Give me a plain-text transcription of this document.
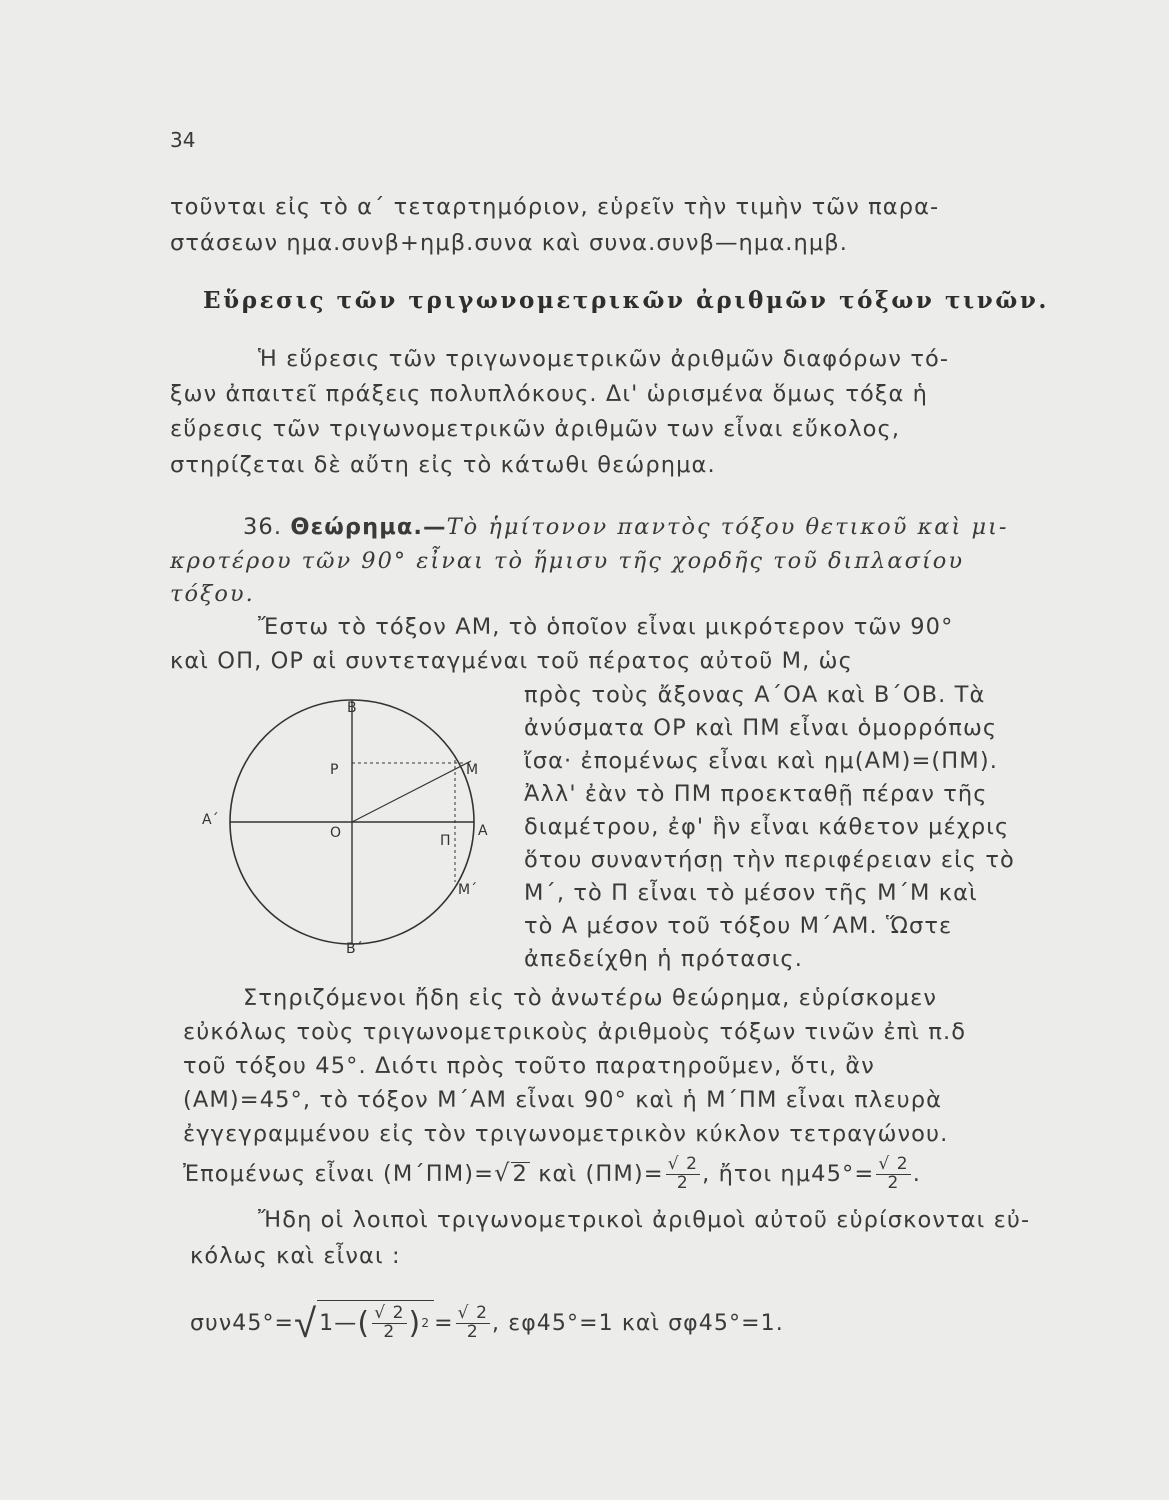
34
τοῦνται εἰς τὸ α΄ τεταρτημόριον, εὑρεῖν τὴν τιμὴν τῶν παρα-
στάσεων ημα.συνβ+ημβ.συνα καὶ συνα.συνβ—ημα.ημβ.
Εὕρεσις τῶν τριγωνομετρικῶν ἀριθμῶν τόξων τινῶν.
Ἡ εὕρεσις τῶν τριγωνομετρικῶν ἀριθμῶν διαφόρων τό-
ξων ἀπαιτεῖ πράξεις πολυπλόκους. Δι' ὡρισμένα ὅμως τόξα ἡ
εὕρεσις τῶν τριγωνομετρικῶν ἀριθμῶν των εἶναι εὔκολος,
στηρίζεται δὲ αὔτη εἰς τὸ κάτωθι θεώρημα.
36. Θεώρημα.—Τὸ ἡμίτονον παντὸς τόξου θετικοῦ καὶ μι-
κροτέρου τῶν 90° εἶναι τὸ ἥμισυ τῆς χορδῆς τοῦ διπλασίου
τόξου.
Ἔστω τὸ τόξον ΑΜ, τὸ ὁποῖον εἶναι μικρότερον τῶν 90°
καὶ ΟΠ, ΟΡ αἱ συντεταγμέναι τοῦ πέρατος αὐτοῦ Μ, ὡς
πρὸς τοὺς ἄξονας Α΄ΟΑ καὶ Β΄ΟΒ. Τὰ
ἀνύσματα ΟΡ καὶ ΠΜ εἶναι ὁμορρόπως
ἴσα· ἐπομένως εἶναι καὶ ημ(ΑΜ)=(ΠΜ).
Ἀλλ' ἐὰν τὸ ΠΜ προεκταθῇ πέραν τῆς
διαμέτρου, ἐφ' ἣν εἶναι κάθετον μέχρις
ὅτου συναντήσῃ τὴν περιφέρειαν εἰς τὸ
Μ΄, τὸ Π εἶναι τὸ μέσον τῆς Μ΄Μ καὶ
τὸ Α μέσον τοῦ τόξου Μ΄ΑΜ. Ὥστε
ἀπεδείχθη ἡ πρότασις.
B
P	M
A΄
O	Π
A
M΄
B΄
Στηριζόμενοι ἤδη εἰς τὸ ἀνωτέρω θεώρημα, εὑρίσκομεν
εὐκόλως τοὺς τριγωνομετρικοὺς ἀριθμοὺς τόξων τινῶν ἐπὶ π.δ
τοῦ τόξου 45°. Διότι πρὸς τοῦτο παρατηροῦμεν, ὅτι, ἂν
(ΑΜ)=45°, τὸ τόξον Μ΄ΑΜ εἶναι 90° καὶ ἡ Μ΄ΠΜ εἶναι πλευρὰ
ἐγγεγραμμένου εἰς τὸν τριγωνομετρικὸν κύκλον τετραγώνου.
Ἐπομένως εἶναι (Μ΄ΠΜ)=√2 καὶ $(\Pi M)= \frac{√ 2}{2}$ , ἤτοι $\eta\mu 45^\circ= \frac{√ 2}{2}$ .
Ἤδη οἱ λοιποὶ τριγωνομετρικοὶ ἀριθμοὶ αὐτοῦ εὑρίσκονται εὐ-
κόλως καὶ εἶναι :
συν45°=√ 1 — ( $\frac{√ 2}{2}$ ) $2 = \frac{√ 2}{2}$ , εφ45°=1 καὶ σφ45°=1.
